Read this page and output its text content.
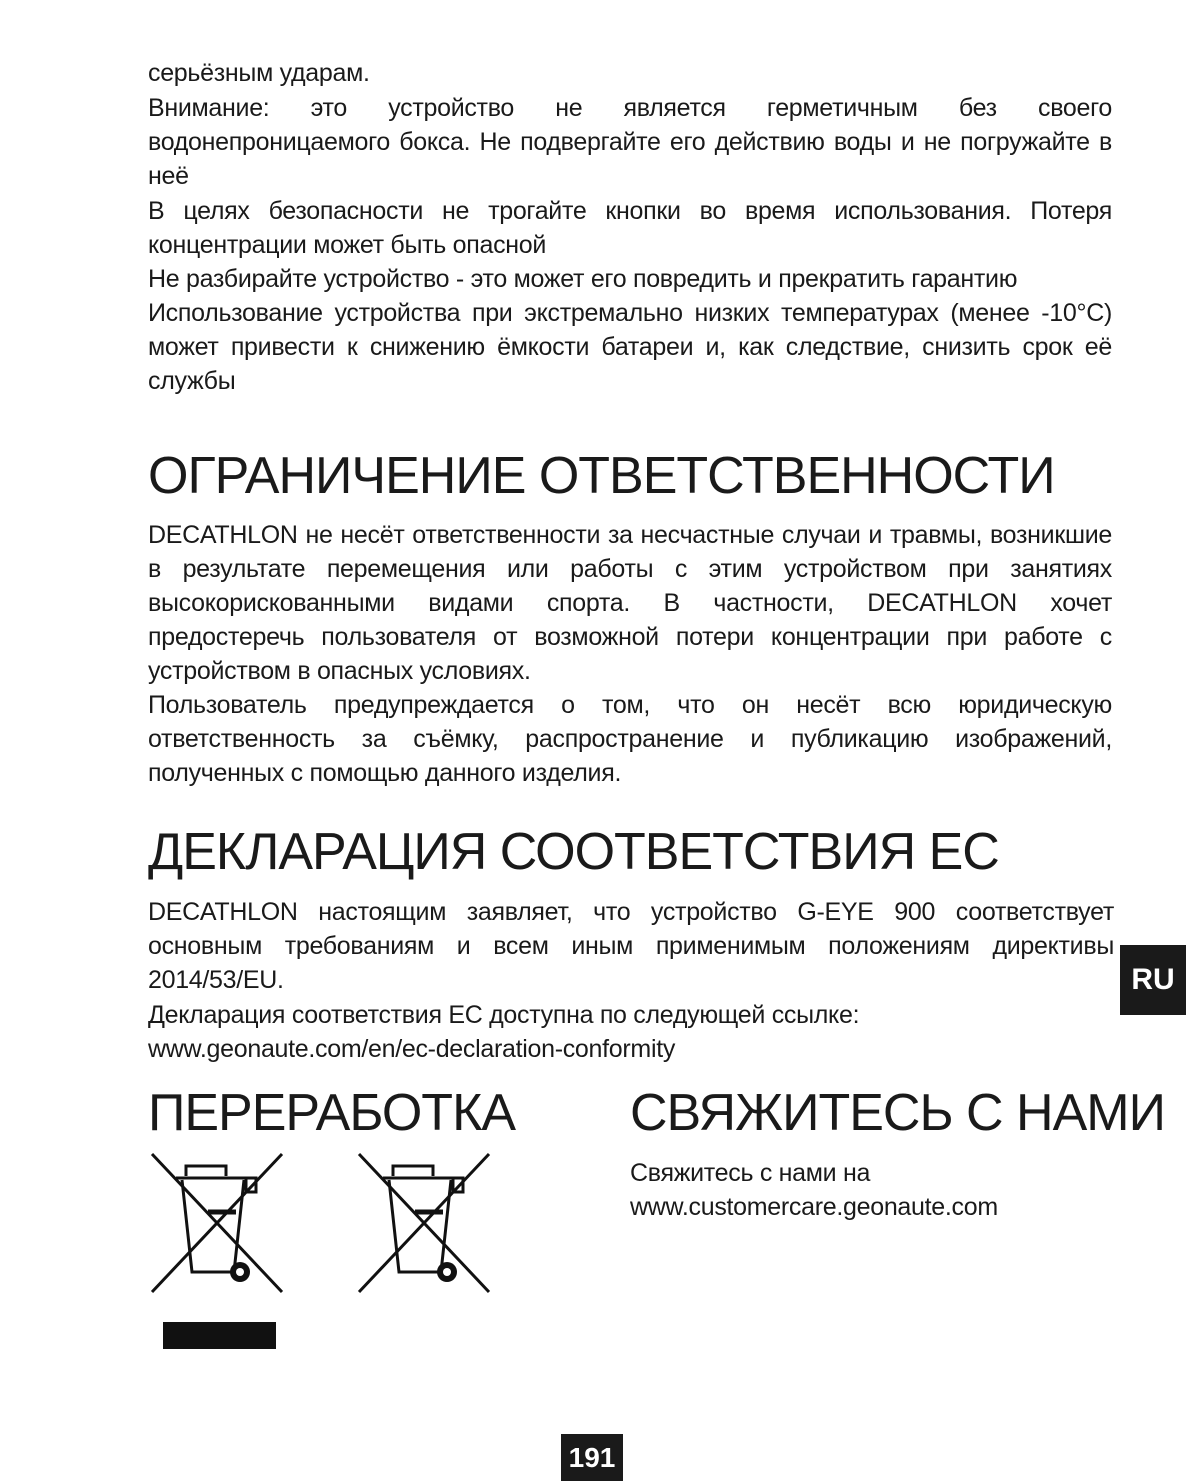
серьёзным ударам.

Внимание: это устройство не является герметичным без своего водонепроницаемого бокса. Не подвергайте его действию воды и не погружайте в неё

В целях безопасности не трогайте кнопки во время использования. Потеря концентрации может быть опасной

Не разбирайте устройство - это может его повредить и прекратить гарантию

Использование устройства при экстремально низких температурах (менее -10°C) может привести к снижению ёмкости батареи и, как следствие, снизить срок её службы

ОГРАНИЧЕНИЕ ОТВЕТСТВЕННОСТИ

DECATHLON не несёт ответственности за несчастные случаи и травмы, возникшие в результате перемещения или работы с этим устройством при занятиях высокорискованными видами спорта. В частности, DECATHLON хочет предостеречь пользователя от возможной потери концентрации при работе с устройством в опасных условиях.

Пользователь предупреждается о том, что он несёт всю юридическую ответственность за съёмку, распространение и публикацию изображений, полученных с помощью данного изделия.

ДЕКЛАРАЦИЯ СООТВЕТСТВИЯ ЕС

DECATHLON настоящим заявляет, что устройство G-EYE 900 соответствует основным требованиям и всем иным применимым положениям директивы 2014/53/EU.

Декларация соответствия ЕС доступна по следующей ссылке:

www.geonaute.com/en/ec-declaration-conformity

ПЕРЕРАБОТКА СВЯЖИТЕСЬ С НАМИ

Свяжитесь с нами на

www.customercare.geonaute.com

RU
191
